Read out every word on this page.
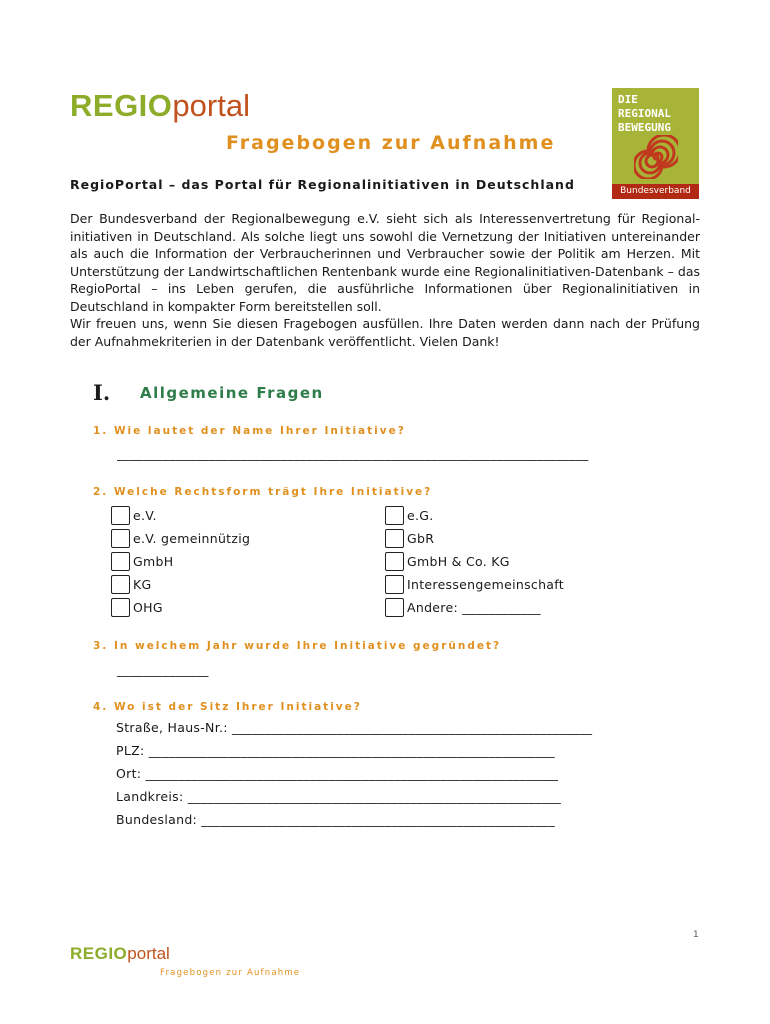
REGIOportal	DIE
REGIONAL
BEWEGUNG
Bundesverband
Fragebogen zur Aufnahme
RegioPortal – das Portal für Regionalinitiativen in Deutschland
Der Bundesverband der Regionalbewegung e.V. sieht sich als Interessenvertretung für Regional-initiativen in Deutschland. Als solche liegt uns sowohl die Vernetzung der Initiativen untereinander als auch die Information der Verbraucherinnen und Verbraucher sowie der Politik am Herzen. Mit Unterstützung der Landwirtschaftlichen Rentenbank wurde eine Regionalinitiativen-Datenbank – das RegioPortal – ins Leben gerufen, die ausführliche Informationen über Regionalinitiativen in Deutschland in kompakter Form bereitstellen soll.
Wir freuen uns, wenn Sie diesen Fragebogen ausfüllen. Ihre Daten werden dann nach der Prüfung der Aufnahmekriterien in der Datenbank veröffentlicht. Vielen Dank!
I. Allgemeine Fragen
1. Wie lautet der Name Ihrer Initiative?
________________________________________________________________________
2. Welche Rechtsform trägt Ihre Initiative?
e.V.
e.V. gemeinnützig
GmbH
KG
OHG
e.G.
GbR
GmbH & Co. KG
Interessengemeinschaft
Andere: ____________
3. In welchem Jahr wurde Ihre Initiative gegründet?
______________
4. Wo ist der Sitz Ihrer Initiative?
Straße, Haus-Nr.: _______________________________________________________
PLZ: ______________________________________________________________
Ort: _______________________________________________________________
Landkreis: _________________________________________________________
Bundesland: ______________________________________________________
1
REGIOportal
Fragebogen zur Aufnahme
